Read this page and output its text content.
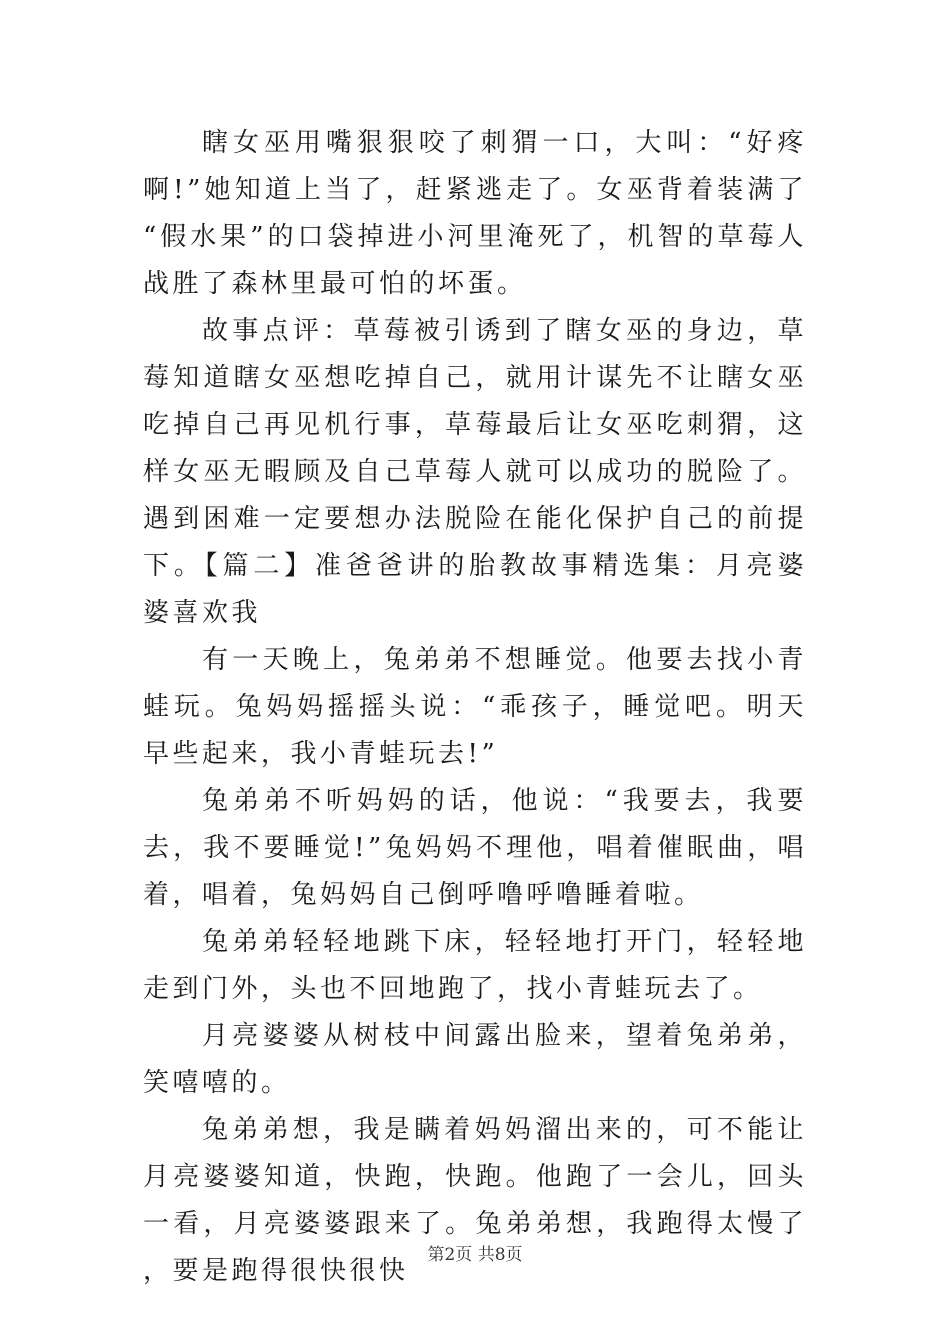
瞎女巫用嘴狠狠咬了刺猬一口，大叫：“好疼啊!”她知道上当了，赶紧逃走了。女巫背着装满了“假水果”的口袋掉进小河里淹死了，机智的草莓人战胜了森林里最可怕的坏蛋。

故事点评：草莓被引诱到了瞎女巫的身边，草莓知道瞎女巫想吃掉自己，就用计谋先不让瞎女巫吃掉自己再见机行事，草莓最后让女巫吃刺猬，这样女巫无暇顾及自己草莓人就可以成功的脱险了。遇到困难一定要想办法脱险在能化保护自己的前提下。【篇二】准爸爸讲的胎教故事精选集：月亮婆婆喜欢我

有一天晚上，兔弟弟不想睡觉。他要去找小青蛙玩。兔妈妈摇摇头说：“乖孩子，睡觉吧。明天早些起来，我小青蛙玩去!”

兔弟弟不听妈妈的话，他说：“我要去，我要去，我不要睡觉!”兔妈妈不理他，唱着催眠曲，唱着，唱着，兔妈妈自己倒呼噜呼噜睡着啦。

兔弟弟轻轻地跳下床，轻轻地打开门，轻轻地走到门外，头也不回地跑了，找小青蛙玩去了。

月亮婆婆从树枝中间露出脸来，望着兔弟弟，笑嘻嘻的。

兔弟弟想，我是瞒着妈妈溜出来的，可不能让月亮婆婆知道，快跑，快跑。他跑了一会儿，回头一看，月亮婆婆跟来了。兔弟弟想，我跑得太慢了，要是跑得很快很快

第2页 共8页
